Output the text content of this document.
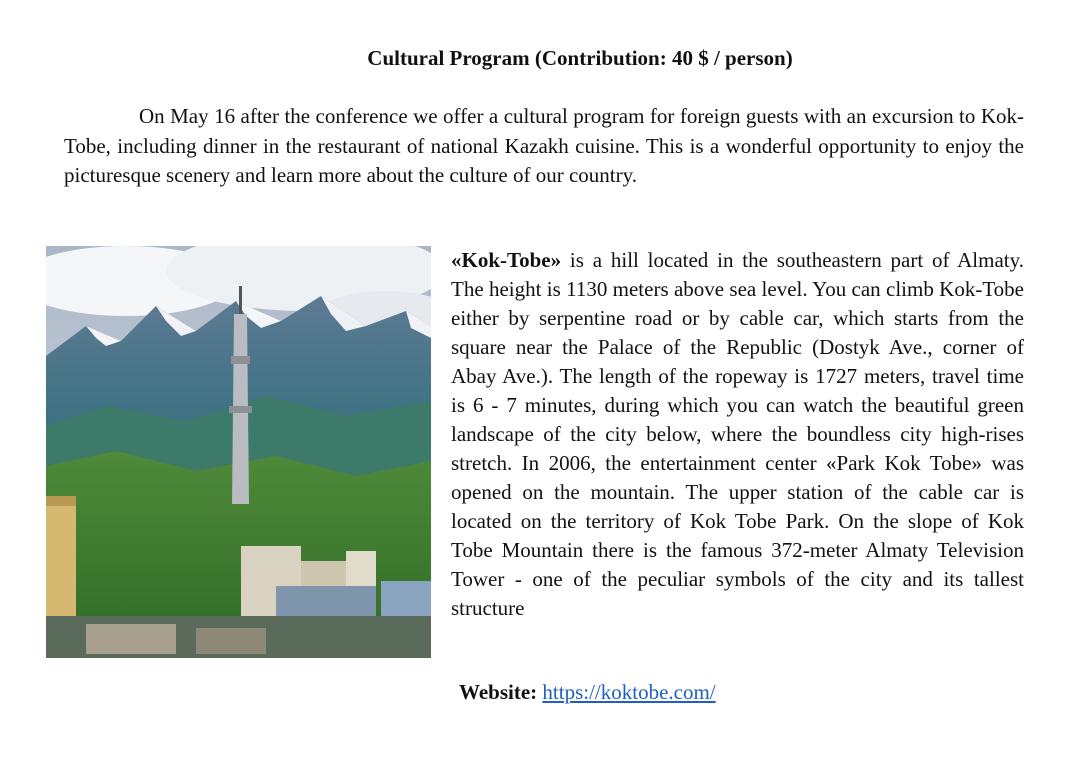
Cultural Program (Contribution: 40 $ / person)

On May 16 after the conference we offer a cultural program for foreign guests with an excursion to Kok-Tobe, including dinner in the restaurant of national Kazakh cuisine. This is a wonderful opportunity to enjoy the picturesque scenery and learn more about the culture of our country.

«Kok-Tobe» is a hill located in the southeastern part of Almaty. The height is 1130 meters above sea level. You can climb Kok-Tobe either by serpentine road or by cable car, which starts from the square near the Palace of the Republic (Dostyk Ave., corner of Abay Ave.). The length of the ropeway is 1727 meters, travel time is 6 - 7 minutes, during which you can watch the beautiful green landscape of the city below, where the boundless city high-rises stretch. In 2006, the entertainment center «Park Kok Tobe» was opened on the mountain. The upper station of the cable car is located on the territory of Kok Tobe Park. On the slope of Kok Tobe Mountain there is the famous 372-meter Almaty Television Tower - one of the peculiar symbols of the city and its tallest structure

Website: https://koktobe.com/
